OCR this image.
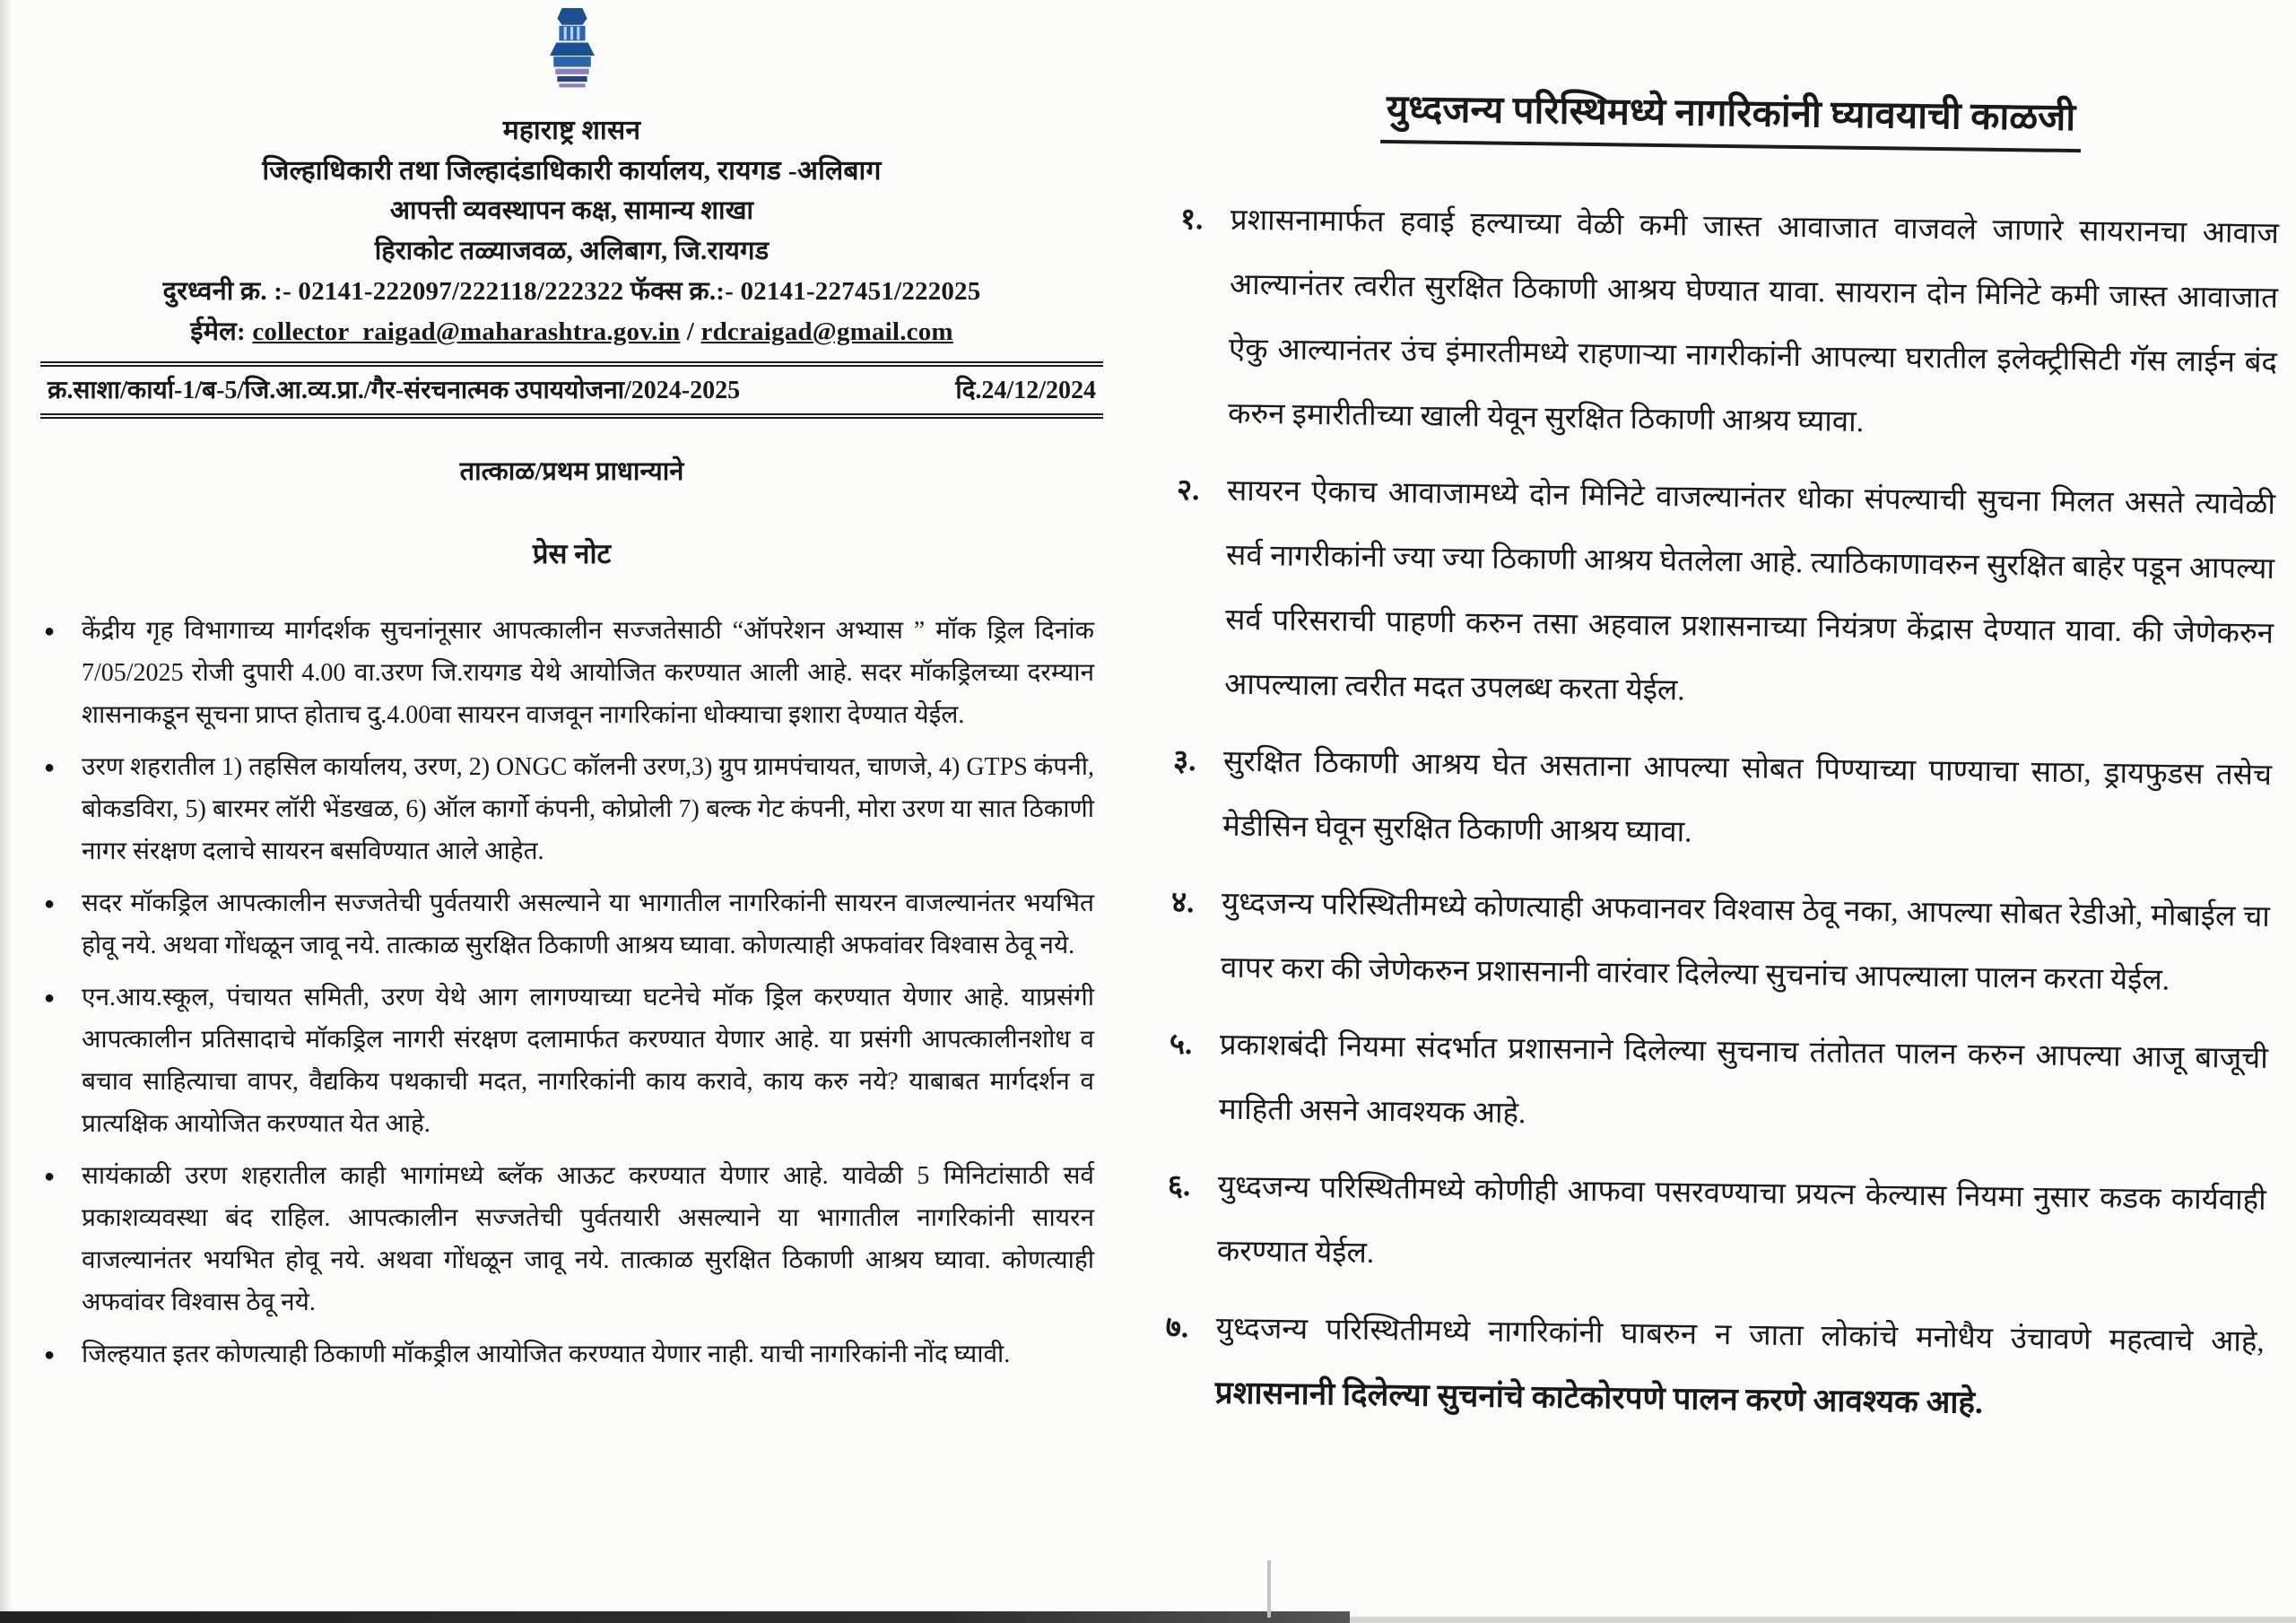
महाराष्ट्र शासन
जिल्हाधिकारी तथा जिल्हादंडाधिकारी कार्यालय, रायगड -अलिबाग
आपत्ती व्यवस्थापन कक्ष, सामान्य शाखा
हिराकोट तळ्याजवळ, अलिबाग, जि.रायगड
दुरध्वनी क्र. :- 02141-222097/222118/222322 फॅक्स क्र.:- 02141-227451/222025
ईमेल: collector_raigad@maharashtra.gov.in / rdcraigad@gmail.com
क्र.साशा/कार्या-1/ब-5/जि.आ.व्य.प्रा./गैर-संरचनात्मक उपाययोजना/2024-2025	दि.24/12/2024
तात्काळ/प्रथम प्राधान्याने
प्रेस नोट
● केंद्रीय गृह विभागाच्य मार्गदर्शक सुचनांनूसार आपत्कालीन सज्जतेसाठी “ऑपरेशन अभ्यास ” मॉक ड्रिल दिनांक 7/05/2025 रोजी दुपारी 4.00 वा.उरण जि.रायगड येथे आयोजित करण्यात आली आहे. सदर मॉकड्रिलच्या दरम्यान शासनाकडून सूचना प्राप्त होताच दु.4.00वा सायरन वाजवून नागरिकांना धोक्याचा इशारा देण्यात येईल.
● उरण शहरातील 1) तहसिल कार्यालय, उरण, 2) ONGC कॉलनी उरण,3) ग्रुप ग्रामपंचायत, चाणजे, 4) GTPS कंपनी, बोकडविरा, 5) बारमर लॉरी भेंडखळ, 6) ऑल कार्गो कंपनी, कोप्रोली 7) बल्क गेट कंपनी, मोरा उरण या सात ठिकाणी नागर संरक्षण दलाचे सायरन बसविण्यात आले आहेत.
● सदर मॉकड्रिल आपत्कालीन सज्जतेची पुर्वतयारी असल्याने या भागातील नागरिकांनी सायरन वाजल्यानंतर भयभित होवू नये. अथवा गोंधळून जावू नये. तात्काळ सुरक्षित ठिकाणी आश्रय घ्यावा. कोणत्याही अफवांवर विश्वास ठेवू नये.
● एन.आय.स्कूल, पंचायत समिती, उरण येथे आग लागण्याच्या घटनेचे मॉक ड्रिल करण्यात येणार आहे. याप्रसंगी आपत्कालीन प्रतिसादाचे मॉकड्रिल नागरी संरक्षण दलामार्फत करण्यात येणार आहे. या प्रसंगी आपत्कालीनशोध व बचाव साहित्याचा वापर, वैद्यकिय पथकाची मदत, नागरिकांनी काय करावे, काय करु नये? याबाबत मार्गदर्शन व प्रात्यक्षिक आयोजित करण्यात येत आहे.
● सायंकाळी उरण शहरातील काही भागांमध्ये ब्लॅक आऊट करण्यात येणार आहे. यावेळी 5 मिनिटांसाठी सर्व प्रकाशव्यवस्था बंद राहिल. आपत्कालीन सज्जतेची पुर्वतयारी असल्याने या भागातील नागरिकांनी सायरन वाजल्यानंतर भयभित होवू नये. अथवा गोंधळून जावू नये. तात्काळ सुरक्षित ठिकाणी आश्रय घ्यावा. कोणत्याही अफवांवर विश्वास ठेवू नये.
● जिल्हयात इतर कोणत्याही ठिकाणी मॉकड्रील आयोजित करण्यात येणार नाही. याची नागरिकांनी नोंद घ्यावी.
युध्दजन्य परिस्थिमध्ये नागरिकांनी घ्यावयाची काळजी
१. प्रशासनामार्फत हवाई हल्याच्या वेळी कमी जास्त आवाजात वाजवले जाणारे सायरानचा आवाज आल्यानंतर त्वरीत सुरक्षित ठिकाणी आश्रय घेण्यात यावा. सायरान दोन मिनिटे कमी जास्त आवाजात ऐकु आल्यानंतर उंच इंमारतीमध्ये राहणाऱ्या नागरीकांनी आपल्या घरातील इलेक्ट्रीसिटी गॅस लाईन बंद करुन इमारीतीच्या खाली येवून सुरक्षित ठिकाणी आश्रय घ्यावा.
२. सायरन ऐकाच आवाजामध्ये दोन मिनिटे वाजल्यानंतर धोका संपल्याची सुचना मिलत असते त्यावेळी सर्व नागरीकांनी ज्या ज्या ठिकाणी आश्रय घेतलेला आहे. त्याठिकाणावरुन सुरक्षित बाहेर पडून आपल्या सर्व परिसराची पाहणी करुन तसा अहवाल प्रशासनाच्या नियंत्रण केंद्रास देण्यात यावा. की जेणेकरुन आपल्याला त्वरीत मदत उपलब्ध करता येईल.
३. सुरक्षित ठिकाणी आश्रय घेत असताना आपल्या सोबत पिण्याच्या पाण्याचा साठा, ड्रायफुडस तसेच मेडीसिन घेवून सुरक्षित ठिकाणी आश्रय घ्यावा.
४. युध्दजन्य परिस्थितीमध्ये कोणत्याही अफवानवर विश्वास ठेवू नका, आपल्या सोबत रेडीओ, मोबाईल चा वापर करा की जेणेकरुन प्रशासनानी वारंवार दिलेल्या सुचनांच आपल्याला पालन करता येईल.
५. प्रकाशबंदी नियमा संदर्भात प्रशासनाने दिलेल्या सुचनाच तंतोतत पालन करुन आपल्या आजू बाजूची माहिती असने आवश्यक आहे.
६. युध्दजन्य परिस्थितीमध्ये कोणीही आफवा पसरवण्याचा प्रयत्न केल्यास नियमा नुसार कडक कार्यवाही करण्यात येईल.
७. युध्दजन्य परिस्थितीमध्ये नागरिकांनी घाबरुन न जाता लोकांचे मनोधैय उंचावणे महत्वाचे आहे, प्रशासनानी दिलेल्या सुचनांचे काटेकोरपणे पालन करणे आवश्यक आहे.
